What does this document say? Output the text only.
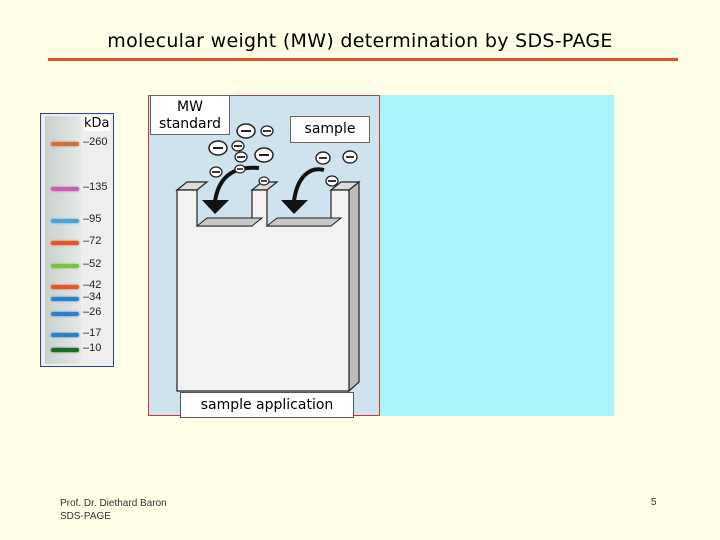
molecular weight (MW) determination by SDS-PAGE
kDa
–260
–135
–95
–72
–52
–42
–34
–26
–17
–10
MW
standard	sample
sample application
Prof. Dr. Diethard Baron
SDS-PAGE
5
